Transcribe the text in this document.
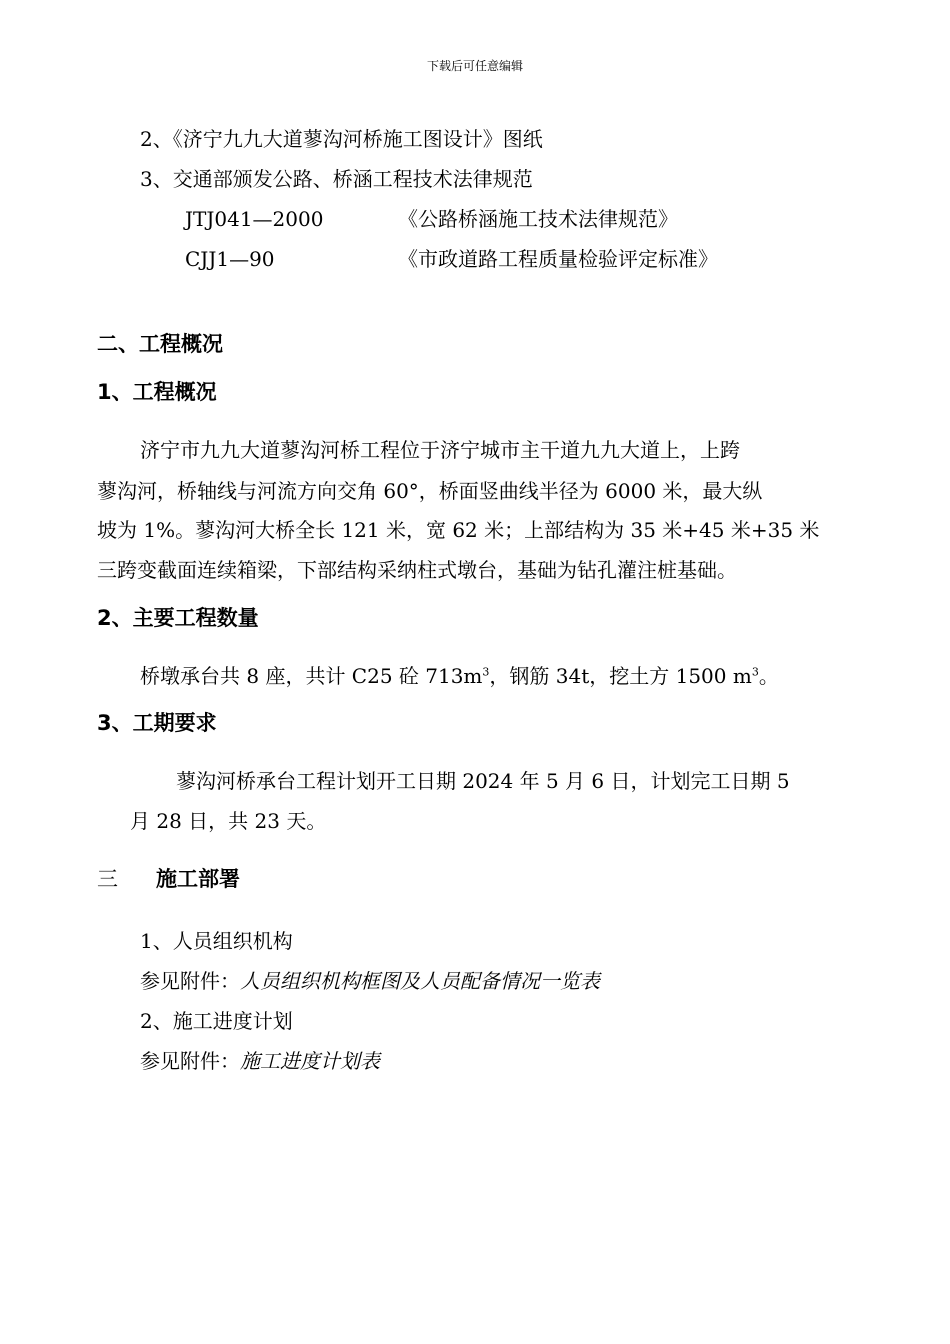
下载后可任意编辑
2、《济宁九九大道蓼沟河桥施工图设计》图纸
3、交通部颁发公路、桥涵工程技术法律规范
JTJ041—2000	《公路桥涵施工技术法律规范》
CJJ1—90	《市政道路工程质量检验评定标准》
二、工程概况
1、工程概况
济宁市九九大道蓼沟河桥工程位于济宁城市主干道九九大道上，上跨
蓼沟河，桥轴线与河流方向交角 60°，桥面竖曲线半径为 6000 米，最大纵
坡为 1%。蓼沟河大桥全长 121 米，宽 62 米；上部结构为 35 米+45 米+35 米
三跨变截面连续箱梁，下部结构采纳柱式墩台，基础为钻孔灌注桩基础。
2、主要工程数量
桥墩承台共 8 座，共计 C25 砼 $713m^3$，钢筋 34t，挖土方 1500 $m^3$。
3、工期要求
蓼沟河桥承台工程计划开工日期 2024 年 5 月 6 日，计划完工日期 5
月 28 日，共 23 天。
三 施工部署
1、人员组织机构
参见附件：人员组织机构框图及人员配备情况一览表
2、施工进度计划
参见附件：施工进度计划表
